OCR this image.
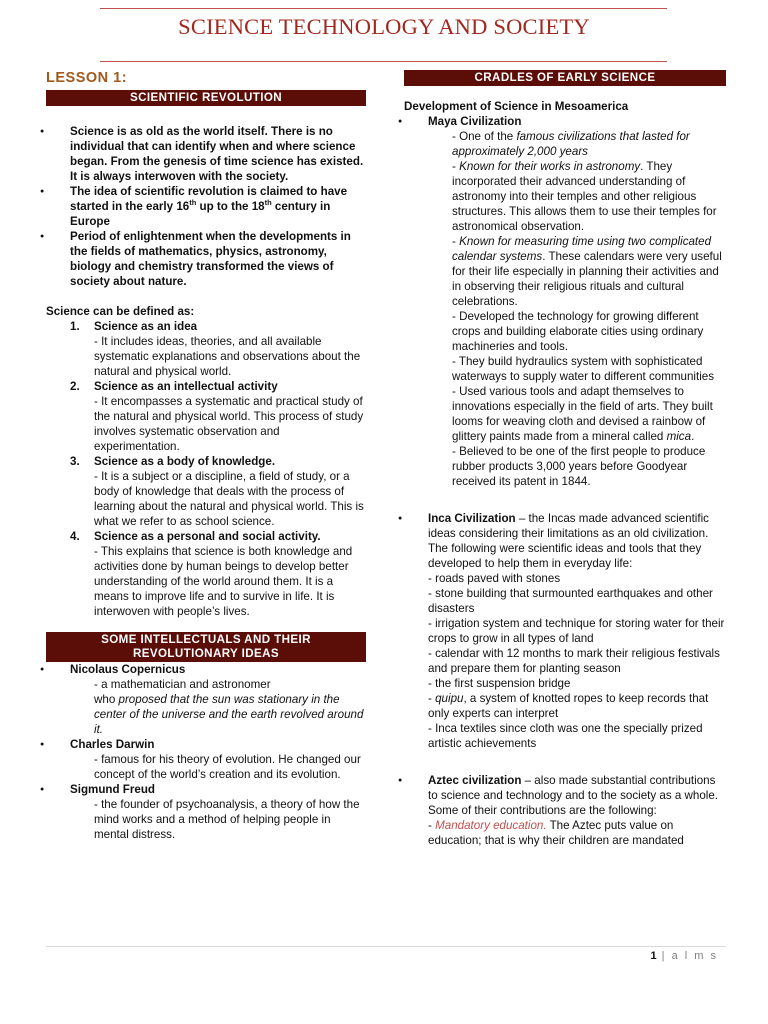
SCIENCE TECHNOLOGY AND SOCIETY
LESSON 1:
SCIENTIFIC REVOLUTION
● Science is as old as the world itself. There is no individual that can identify when and where science began. From the genesis of time science has existed. It is always interwoven with the society.
● The idea of scientific revolution is claimed to have started in the early 16th up to the 18th century in Europe
● Period of enlightenment when the developments in the fields of mathematics, physics, astronomy, biology and chemistry transformed the views of society about nature.
Science can be defined as:
1. Science as an idea
- It includes ideas, theories, and all available systematic explanations and observations about the natural and physical world.
2. Science as an intellectual activity
- It encompasses a systematic and practical study of the natural and physical world. This process of study involves systematic observation and experimentation.
3. Science as a body of knowledge.
- It is a subject or a discipline, a field of study, or a body of knowledge that deals with the process of learning about the natural and physical world. This is what we refer to as school science.
4. Science as a personal and social activity.
- This explains that science is both knowledge and activities done by human beings to develop better understanding of the world around them. It is a means to improve life and to survive in life. It is interwoven with people’s lives.
SOME INTELLECTUALS AND THEIR REVOLUTIONARY IDEAS
● Nicolaus Copernicus
- a mathematician and astronomer
who proposed that the sun was stationary in the center of the universe and the earth revolved around it.
● Charles Darwin
- famous for his theory of evolution. He changed our concept of the world’s creation and its evolution.
● Sigmund Freud
- the founder of psychoanalysis, a theory of how the mind works and a method of helping people in mental distress.
CRADLES OF EARLY SCIENCE
Development of Science in Mesoamerica
● Maya Civilization
- One of the famous civilizations that lasted for approximately 2,000 years
- Known for their works in astronomy. They incorporated their advanced understanding of astronomy into their temples and other religious structures. This allows them to use their temples for astronomical observation.
- Known for measuring time using two complicated calendar systems. These calendars were very useful for their life especially in planning their activities and in observing their religious rituals and cultural celebrations.
- Developed the technology for growing different crops and building elaborate cities using ordinary machineries and tools.
- They build hydraulics system with sophisticated waterways to supply water to different communities
- Used various tools and adapt themselves to innovations especially in the field of arts. They built looms for weaving cloth and devised a rainbow of glittery paints made from a mineral called mica.
- Believed to be one of the first people to produce rubber products 3,000 years before Goodyear received its patent in 1844.
● Inca Civilization – the Incas made advanced scientific ideas considering their limitations as an old civilization. The following were scientific ideas and tools that they developed to help them in everyday life:
- roads paved with stones
- stone building that surmounted earthquakes and other disasters
- irrigation system and technique for storing water for their crops to grow in all types of land
- calendar with 12 months to mark their religious festivals and prepare them for planting season
- the first suspension bridge
- quipu, a system of knotted ropes to keep records that only experts can interpret
- Inca textiles since cloth was one the specially prized artistic achievements
● Aztec civilization – also made substantial contributions to science and technology and to the society as a whole. Some of their contributions are the following:
- Mandatory education. The Aztec puts value on education; that is why their children are mandated
1 | a l m s
